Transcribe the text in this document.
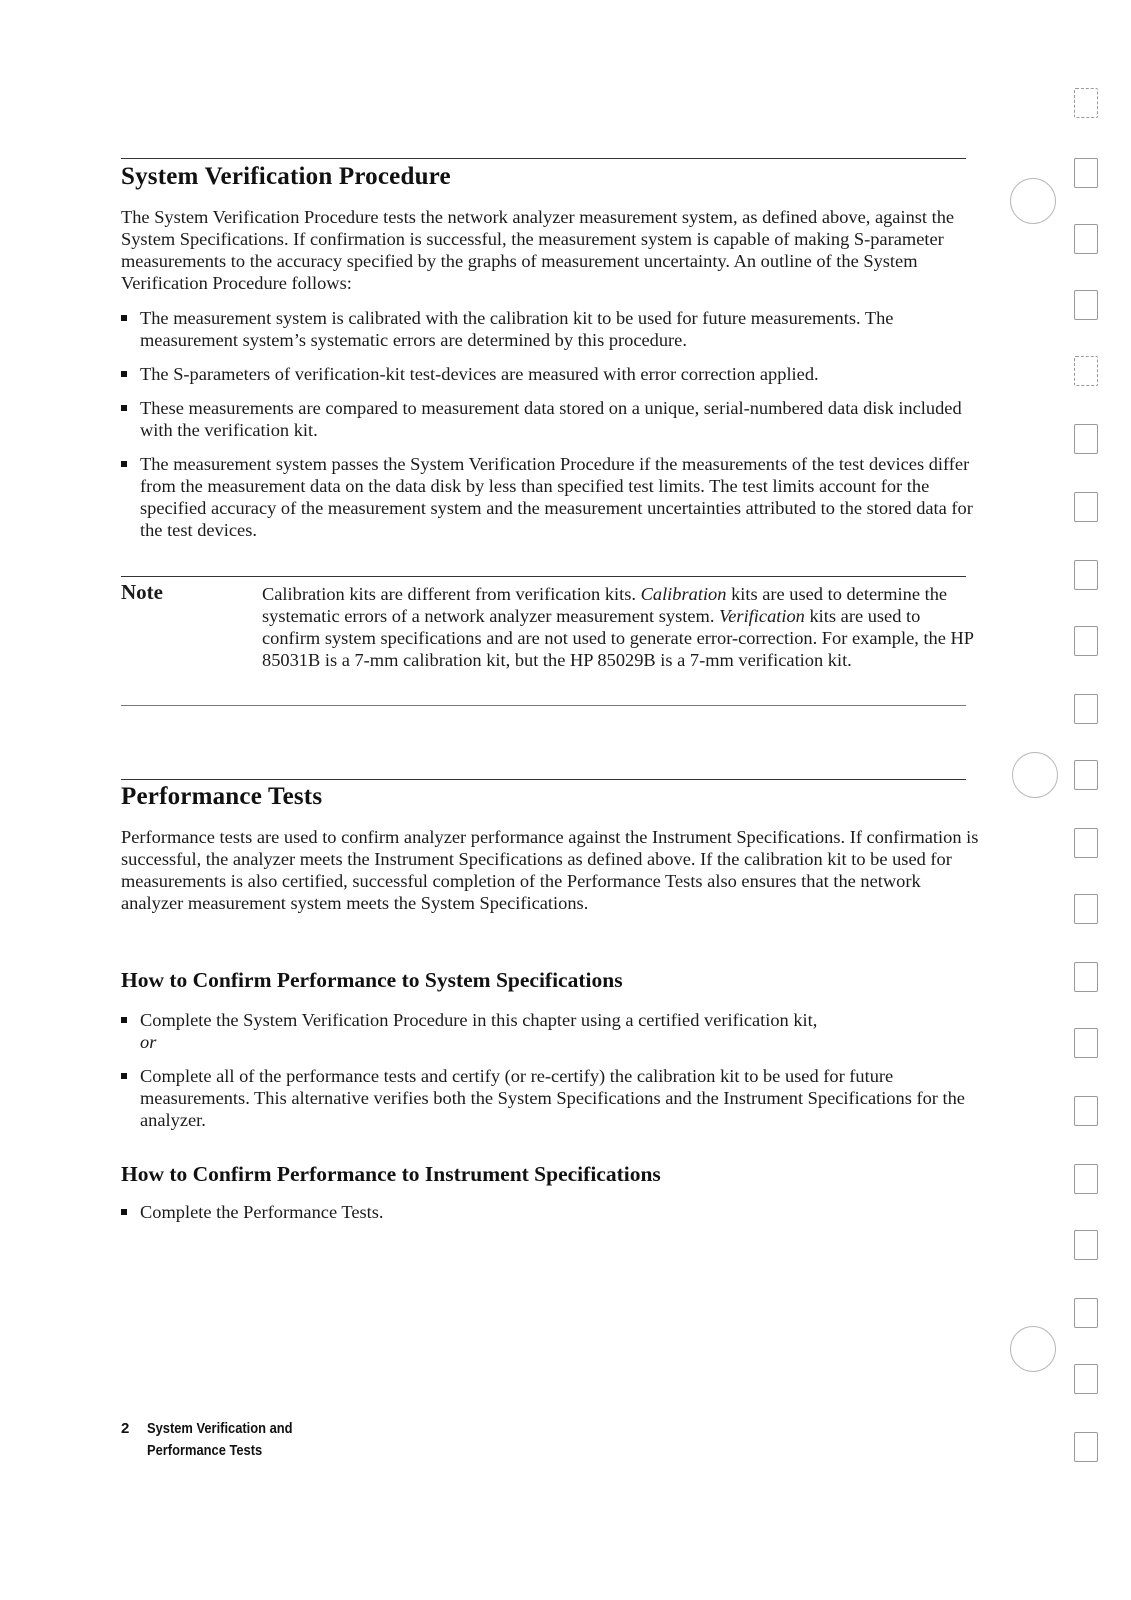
System Verification Procedure

The System Verification Procedure tests the network analyzer measurement system, as defined above, against the System Specifications. If confirmation is successful, the measurement system is capable of making S-parameter measurements to the accuracy specified by the graphs of measurement uncertainty. An outline of the System Verification Procedure follows:

The measurement system is calibrated with the calibration kit to be used for future measurements. The measurement system’s systematic errors are determined by this procedure.
The S-parameters of verification-kit test-devices are measured with error correction applied.
These measurements are compared to measurement data stored on a unique, serial-numbered data disk included with the verification kit.
The measurement system passes the System Verification Procedure if the measurements of the test devices differ from the measurement data on the data disk by less than specified test limits. The test limits account for the specified accuracy of the measurement system and the measurement uncertainties attributed to the stored data for the test devices.
Note	Calibration kits are different from verification kits. Calibration kits are used to determine the systematic errors of a network analyzer measurement system. Verification kits are used to confirm system specifications and are not used to generate error-correction. For example, the HP 85031B is a 7-mm calibration kit, but the HP 85029B is a 7-mm verification kit.

Performance Tests

Performance tests are used to confirm analyzer performance against the Instrument Specifications. If confirmation is successful, the analyzer meets the Instrument Specifications as defined above. If the calibration kit to be used for measurements is also certified, successful completion of the Performance Tests also ensures that the network analyzer measurement system meets the System Specifications.

How to Confirm Performance to System Specifications
Complete the System Verification Procedure in this chapter using a certified verification kit,
or
Complete all of the performance tests and certify (or re-certify) the calibration kit to be used for future measurements. This alternative verifies both the System Specifications and the Instrument Specifications for the analyzer.
How to Confirm Performance to Instrument Specifications
Complete the Performance Tests.
2	System Verification and
Performance Tests
